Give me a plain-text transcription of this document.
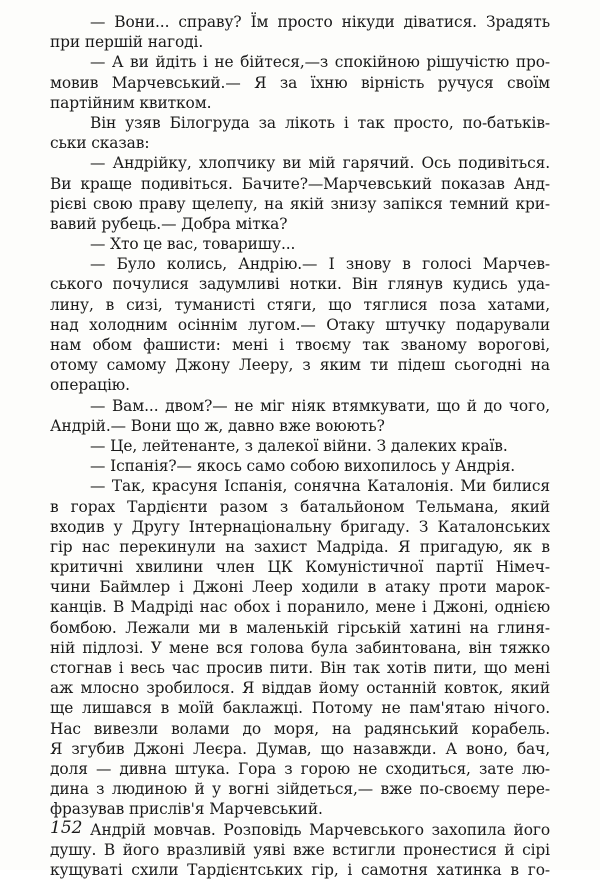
— Вони... справу? Їм просто нікуди діватися. Зрадять
при першій нагоді.
— А ви йдіть і не бійтеся,—з спокійною рішучістю про-
мовив Марчевський.— Я за їхню вірність ручуся своїм
партійним квитком.
Він узяв Білогруда за лікоть і так просто, по-батьків-
ськи сказав:
— Андрійку, хлопчику ви мій гарячий. Ось подивіться.
Ви краще подивіться. Бачите?—Марчевський показав Анд-
рієві свою праву щелепу, на якій знизу запікся темний кри-
вавий рубець.— Добра мітка?
— Хто це вас, товаришу...
— Було колись, Андрію.— І знову в голосі Марчев-
ського почулися задумливі нотки. Він глянув кудись уда-
лину, в сизі, туманисті стяги, що тяглися поза хатами,
над холодним осіннім лугом.— Отаку штучку подарували
нам обом фашисти: мені і твоєму так званому ворогові,
отому самому Джону Лееру, з яким ти підеш сьогодні на
операцію.
— Вам... двом?— не міг ніяк втямкувати, що й до чого,
Андрій.— Вони що ж, давно вже воюють?
— Це, лейтенанте, з далекої війни. З далеких країв.
— Іспанія?— якось само собою вихопилось у Андрія.
— Так, красуня Іспанія, сонячна Каталонія. Ми билися
в горах Тардієнти разом з батальйоном Тельмана, який
входив у Другу Інтернаціональну бригаду. З Каталонських
гір нас перекинули на захист Мадріда. Я пригадую, як в
критичні хвилини член ЦК Комуністичної партії Німеч-
чини Баймлер і Джоні Леер ходили в атаку проти марок-
канців. В Мадріді нас обох і поранило, мене і Джоні, однією
бомбою. Лежали ми в маленькій гірській хатині на глиня-
ній підлозі. У мене вся голова була забинтована, він тяжко
стогнав і весь час просив пити. Він так хотів пити, що мені
аж млосно зробилося. Я віддав йому останній ковток, який
ще лишався в моїй баклажці. Потому не пам'ятаю нічого.
Нас вивезли волами до моря, на радянський корабель.
Я згубив Джоні Леєра. Думав, що назавжди. А воно, бач,
доля — дивна штука. Гора з горою не сходиться, зате лю-
дина з людиною й у вогні зійдеться,— вже по-своєму пере-
фразував прислів'я Марчевський.
Андрій мовчав. Розповідь Марчевського захопила його
душу. В його вразливій уяві вже встигли пронестися й сірі
кущуваті схили Тардієнтських гір, і самотня хатинка в го-
152
